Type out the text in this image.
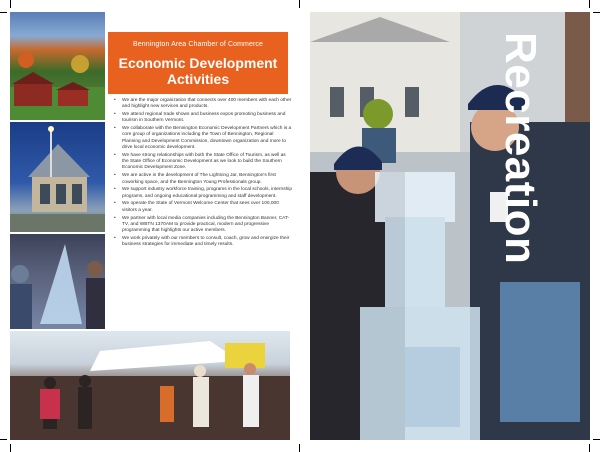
Bennington Area Chamber of Commerce
Economic Development Activities
• We are the major organization that connects over 400 members with each other and highlight new services and products.
• We attend regional trade shows and business expos promoting business and tourism in Southern Vermont.
• We collaborate with the Bennington Economic Development Partners which is a core group of organizations including the Town of Bennington, Regional Planning and Development Commission, downtown organization and more to drive local economic development.
• We have strong relationships with both the State Office of Tourism, as well as the State Office of Economic Development as we look to build the Southern Economic Development Zone.
• We are active in the development of The Lightning Jar, Bennington's first coworking space, and the Bennington Young Professionals group.
• We support industry workforce training, programs in the local schools, internship programs, and ongoing educational programming and staff development.
• We operate the State of Vermont Welcome Center that sees over 100,000 visitors a year.
• We partner with local media companies including the Bennington Banner, CAT-TV, and WBTN 1370AM to provide practical, modern and progressive programming that highlights our active members.
• We work privately with our members to consult, coach, grow and energize their business strategies for immediate and timely results.	Recreation
